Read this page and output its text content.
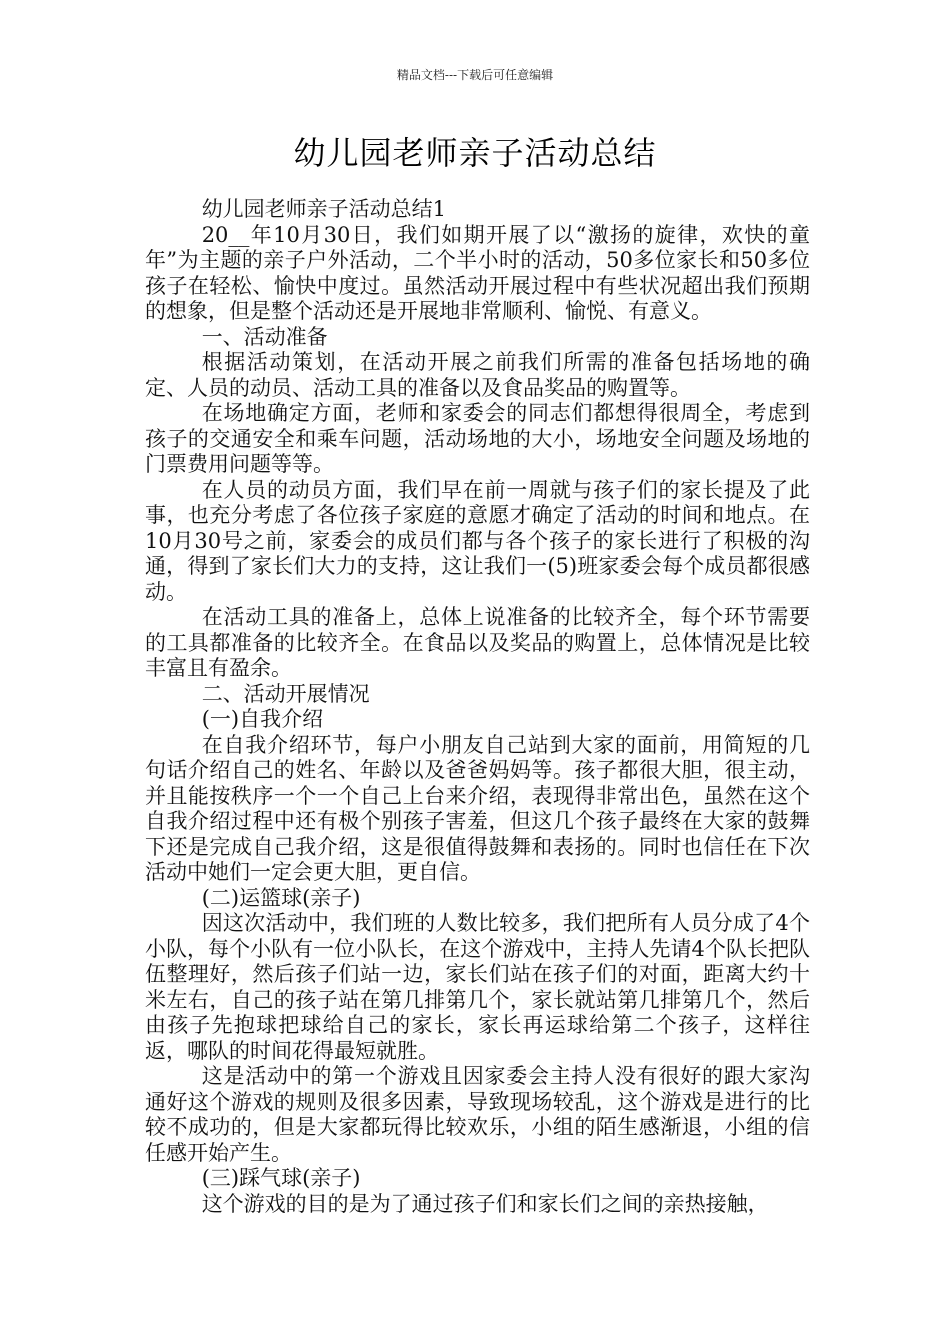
精品文档---下载后可任意编辑
幼儿园老师亲子活动总结

幼儿园老师亲子活动总结1

20__年10月30日，我们如期开展了以“激扬的旋律，欢快的童年”为主题的亲子户外活动，二个半小时的活动，50多位家长和50多位孩子在轻松、愉快中度过。虽然活动开展过程中有些状况超出我们预期的想象，但是整个活动还是开展地非常顺利、愉悦、有意义。

一、活动准备

根据活动策划，在活动开展之前我们所需的准备包括场地的确定、人员的动员、活动工具的准备以及食品奖品的购置等。

在场地确定方面，老师和家委会的同志们都想得很周全，考虑到孩子的交通安全和乘车问题，活动场地的大小，场地安全问题及场地的门票费用问题等等。

在人员的动员方面，我们早在前一周就与孩子们的家长提及了此事，也充分考虑了各位孩子家庭的意愿才确定了活动的时间和地点。在10月30号之前，家委会的成员们都与各个孩子的家长进行了积极的沟通，得到了家长们大力的支持，这让我们一(5)班家委会每个成员都很感动。

在活动工具的准备上，总体上说准备的比较齐全，每个环节需要的工具都准备的比较齐全。在食品以及奖品的购置上，总体情况是比较丰富且有盈余。

二、活动开展情况

(一)自我介绍

在自我介绍环节，每户小朋友自己站到大家的面前，用简短的几句话介绍自己的姓名、年龄以及爸爸妈妈等。孩子都很大胆，很主动，并且能按秩序一个一个自己上台来介绍，表现得非常出色，虽然在这个自我介绍过程中还有极个别孩子害羞，但这几个孩子最终在大家的鼓舞下还是完成自己我介绍，这是很值得鼓舞和表扬的。同时也信任在下次活动中她们一定会更大胆，更自信。

(二)运篮球(亲子)

因这次活动中，我们班的人数比较多，我们把所有人员分成了4个小队，每个小队有一位小队长，在这个游戏中，主持人先请4个队长把队伍整理好，然后孩子们站一边，家长们站在孩子们的对面，距离大约十米左右，自己的孩子站在第几排第几个，家长就站第几排第几个，然后由孩子先抱球把球给自己的家长，家长再运球给第二个孩子，这样往返，哪队的时间花得最短就胜。

这是活动中的第一个游戏且因家委会主持人没有很好的跟大家沟通好这个游戏的规则及很多因素，导致现场较乱，这个游戏是进行的比较不成功的，但是大家都玩得比较欢乐，小组的陌生感渐退，小组的信任感开始产生。

(三)踩气球(亲子)

这个游戏的目的是为了通过孩子们和家长们之间的亲热接触，
